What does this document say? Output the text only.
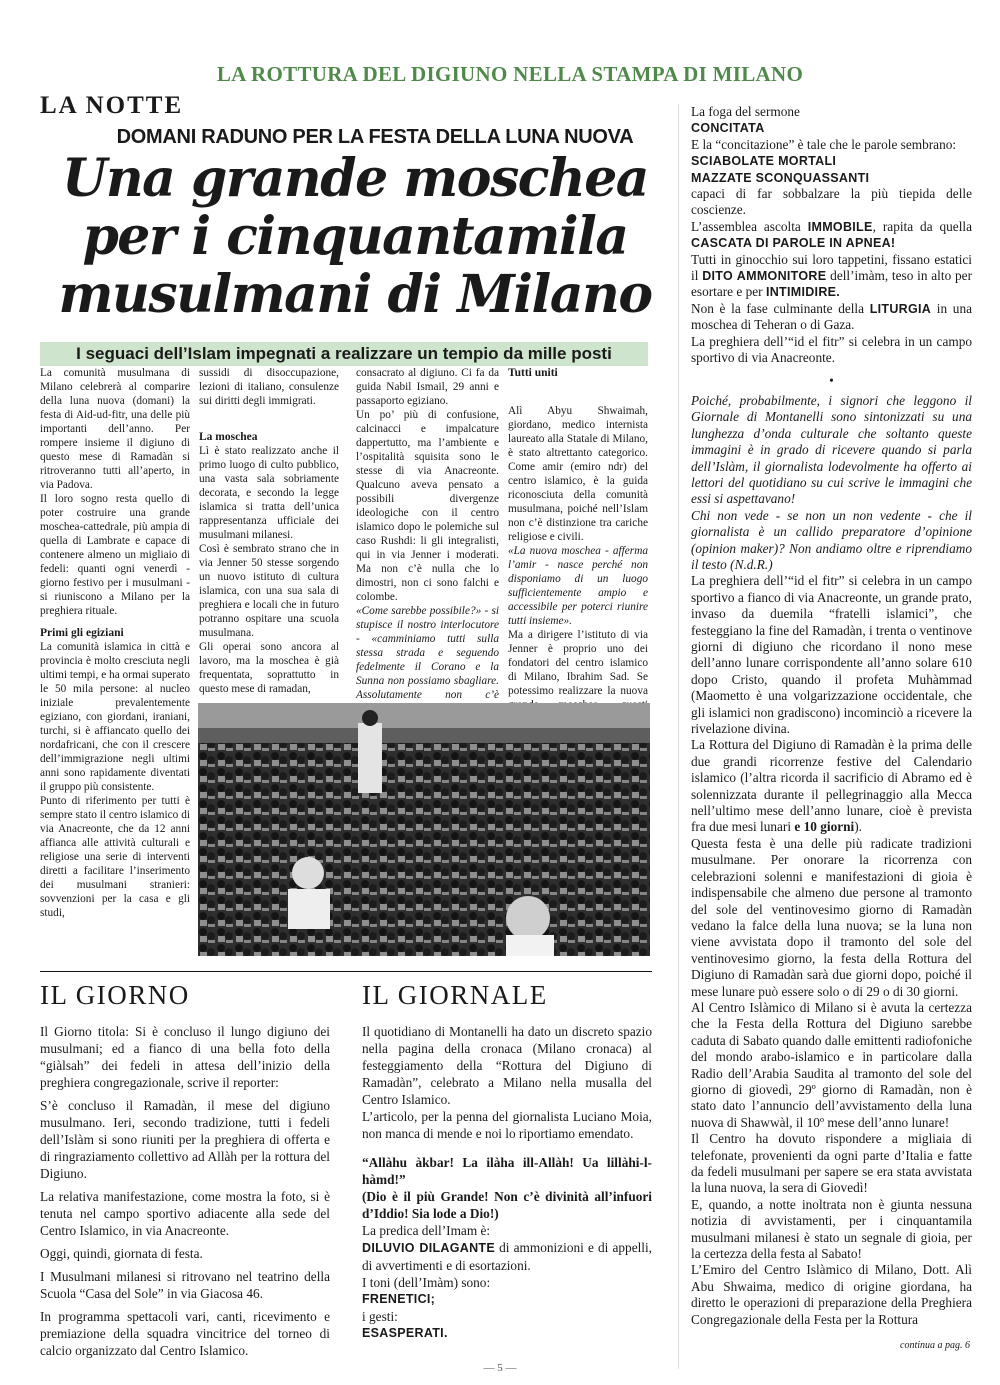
LA ROTTURA DEL DIGIUNO NELLA STAMPA DI MILANO
LA NOTTE
DOMANI RADUNO PER LA FESTA DELLA LUNA NUOVA
Una grande moschea
per i cinquantamila
musulmani di Milano
I seguaci dell’Islam impegnati a realizzare un tempio da mille posti

La comunità musulmana di Milano celebrerà al comparire della luna nuova (domani) la festa di Aid-ud-fitr, una delle più importanti dell’anno. Per rompere insieme il digiuno di questo mese di Ramadàn si ritroveranno tutti all’aperto, in via Padova.

Il loro sogno resta quello di poter costruire una grande moschea-cattedrale, più ampia di quella di Lambrate e capace di contenere almeno un migliaio di fedeli: quanti ogni venerdì - giorno festivo per i musulmani - si riuniscono a Milano per la preghiera rituale.

Primi gli egiziani

La comunità islamica in città e provincia è molto cresciuta negli ultimi tempi, e ha ormai superato le 50 mila persone: al nucleo iniziale prevalentemente egiziano, con giordani, iraniani, turchi, si è affiancato quello dei nordafricani, che con il crescere dell’immigrazione negli ultimi anni sono rapidamente diventati il gruppo più consistente.

Punto di riferimento per tutti è sempre stato il centro islamico di via Anacreonte, che da 12 anni affianca alle attività culturali e religiose una serie di interventi diretti a facilitare l’inserimento dei musulmani stranieri: sovvenzioni per la casa e gli studi,

sussidi di disoccupazione, lezioni di italiano, consulenze sui diritti degli immigrati.

La moschea

Lì è stato realizzato anche il primo luogo di culto pubblico, una vasta sala sobriamente decorata, e secondo la legge islamica si tratta dell’unica rappresentanza ufficiale dei musulmani milanesi.

Così è sembrato strano che in via Jenner 50 stesse sorgendo un nuovo istituto di cultura islamica, con una sua sala di preghiera e locali che in futuro potranno ospitare una scuola musulmana.

Gli operai sono ancora al lavoro, ma la moschea è già frequentata, soprattutto in questo mese di ramadan,

consacrato al digiuno. Ci fa da guida Nabil Ismail, 29 anni e passaporto egiziano.

Un po’ più di confusione, calcinacci e impalcature dappertutto, ma l’ambiente e l’ospitalità squisita sono le stesse di via Anacreonte. Qualcuno aveva pensato a possibili divergenze ideologiche con il centro islamico dopo le polemiche sul caso Rushdi: li gli integralisti, qui in via Jenner i moderati. Ma non c’è nulla che lo dimostri, non ci sono falchi e colombe.

«Come sarebbe possibile?» - si stupisce il nostro interlocutore - «camminiamo tutti sulla stessa strada e seguendo fedelmente il Corano e la Sunna non possiamo sbagliare. Assolutamente non c’è

Tutti uniti

Alì Abyu Shwaimah, giordano, medico internista laureato alla Statale di Milano, è stato altrettanto categorico. Come amir (emiro ndr) del centro islamico, è la guida riconosciuta della comunità musulmana, poiché nell’Islam non c’è distinzione tra cariche religiose e civili.

«La nuova moschea - afferma l’amir - nasce perché non disponiamo di un luogo sufficientemente ampio e accessibile per poterci riunire tutti insieme».

Ma a dirigere l’istituto di via Jenner è proprio uno dei fondatori del centro islamico di Milano, Ibrahim Sad. Se potessimo realizzare la nuova

IL GIORNO

Il Giorno titola: Si è concluso il lungo digiuno dei musulmani; ed a fianco di una bella foto della “giàlsah” dei fedeli in attesa dell’inizio della preghiera congregazionale, scrive il reporter:

S’è concluso il Ramadàn, il mese del digiuno musulmano. Ieri, secondo tradizione, tutti i fedeli dell’Islàm si sono riuniti per la preghiera di offerta e di ringraziamento collettivo ad Allàh per la rottura del Digiuno.

La relativa manifestazione, come mostra la foto, si è tenuta nel campo sportivo adiacente alla sede del Centro Islamico, in via Anacreonte.

Oggi, quindi, giornata di festa.

I Musulmani milanesi si ritrovano nel teatrino della Scuola “Casa del Sole” in via Giacosa 46.

In programma spettacoli vari, canti, ricevimento e premiazione della squadra vincitrice del torneo di calcio organizzato dal Centro Islamico.

IL GIORNALE

Il quotidiano di Montanelli ha dato un discreto spazio nella pagina della cronaca (Milano cronaca) al festeggiamento della “Rottura del Digiuno di Ramadàn”, celebrato a Milano nella musalla del Centro Islamico.

L’articolo, per la penna del giornalista Luciano Moia, non manca di mende e noi lo riportiamo emendato.

“Allàhu àkbar! La ilàha ill-Allàh! Ua lillàhi-l-hàmd!”

(Dio è il più Grande! Non c’è divinità all’infuori d’Iddio! Sia lode a Dio!)

La predica dell’Imam è:

DILUVIO DILAGANTE di ammonizioni e di appelli, di avvertimenti e di esortazioni.

I toni (dell’Imàm) sono:

FRENETICI;

i gesti:

ESASPERATI.

La foga del sermone

CONCITATA

E la “concitazione” è tale che le parole sembrano:

SCIABOLATE MORTALI

MAZZATE SCONQUASSANTI

capaci di far sobbalzare la più tiepida delle coscienze.

L’assemblea ascolta IMMOBILE, rapita da quella CASCATA DI PAROLE IN APNEA!

Tutti in ginocchio sui loro tappetini, fissano estatici il DITO AMMONITORE dell’imàm, teso in alto per esortare e per INTIMIDIRE.

Non è la fase culminante della LITURGIA in una moschea di Teheran o di Gaza.

La preghiera dell’“id el fitr” si celebra in un campo sportivo di via Anacreonte.

•

Poiché, probabilmente, i signori che leggono il Giornale di Montanelli sono sintonizzati su una lunghezza d’onda culturale che soltanto queste immagini è in grado di ricevere quando si parla dell’Islàm, il giornalista lodevolmente ha offerto ai lettori del quotidiano su cui scrive le immagini che essi si aspettavano!

Chi non vede - se non un non vedente - che il giornalista è un callido preparatore d’opinione (opinion maker)? Non andiamo oltre e riprendiamo il testo (N.d.R.)

La preghiera dell’“id el fitr” si celebra in un campo sportivo a fianco di via Anacreonte, un grande prato, invaso da duemila “fratelli islamici”, che festeggiano la fine del Ramadàn, i trenta o ventinove giorni di digiuno che ricordano il nono mese dell’anno lunare corrispondente all’anno solare 610 dopo Cristo, quando il profeta Muhàmmad (Maometto è una volgarizzazione occidentale, che gli islamici non gradiscono) incominciò a ricevere la rivelazione divina.

La Rottura del Digiuno di Ramadàn è la prima delle due grandi ricorrenze festive del Calendario islamico (l’altra ricorda il sacrificio di Abramo ed è solennizzata durante il pellegrinaggio alla Mecca nell’ultimo mese dell’anno lunare, cioè è prevista fra due mesi lunari e 10 giorni).

Questa festa è una delle più radicate tradizioni musulmane. Per onorare la ricorrenza con celebrazioni solenni e manifestazioni di gioia è indispensabile che almeno due persone al tramonto del sole del ventinovesimo giorno di Ramadàn vedano la falce della luna nuova; se la luna non viene avvistata dopo il tramonto del sole del ventinovesimo giorno, la festa della Rottura del Digiuno di Ramadàn sarà due giorni dopo, poiché il mese lunare può essere solo o di 29 o di 30 giorni.

Al Centro Islàmico di Milano si è avuta la certezza che la Festa della Rottura del Digiuno sarebbe caduta di Sabato quando dalle emittenti radiofoniche del mondo arabo-islamico e in particolare dalla Radio dell’Arabia Saudita al tramonto del sole del giorno di giovedì, 29º giorno di Ramadàn, non è stato dato l’annuncio dell’avvistamento della luna nuova di Shawwàl, il 10º mese dell’anno lunare!

Il Centro ha dovuto rispondere a migliaia di telefonate, provenienti da ogni parte d’Italia e fatte da fedeli musulmani per sapere se era stata avvistata la luna nuova, la sera di Giovedì!

E, quando, a notte inoltrata non è giunta nessuna notizia di avvistamenti, per i cinquantamila musulmani milanesi è stato un segnale di gioia, per la certezza della festa al Sabato!

L’Emiro del Centro Islàmico di Milano, Dott. Alì Abu Shwaima, medico di origine giordana, ha diretto le operazioni di preparazione della Preghiera Congregazionale della Festa per la Rottura

continua a pag. 6
— 5 —
